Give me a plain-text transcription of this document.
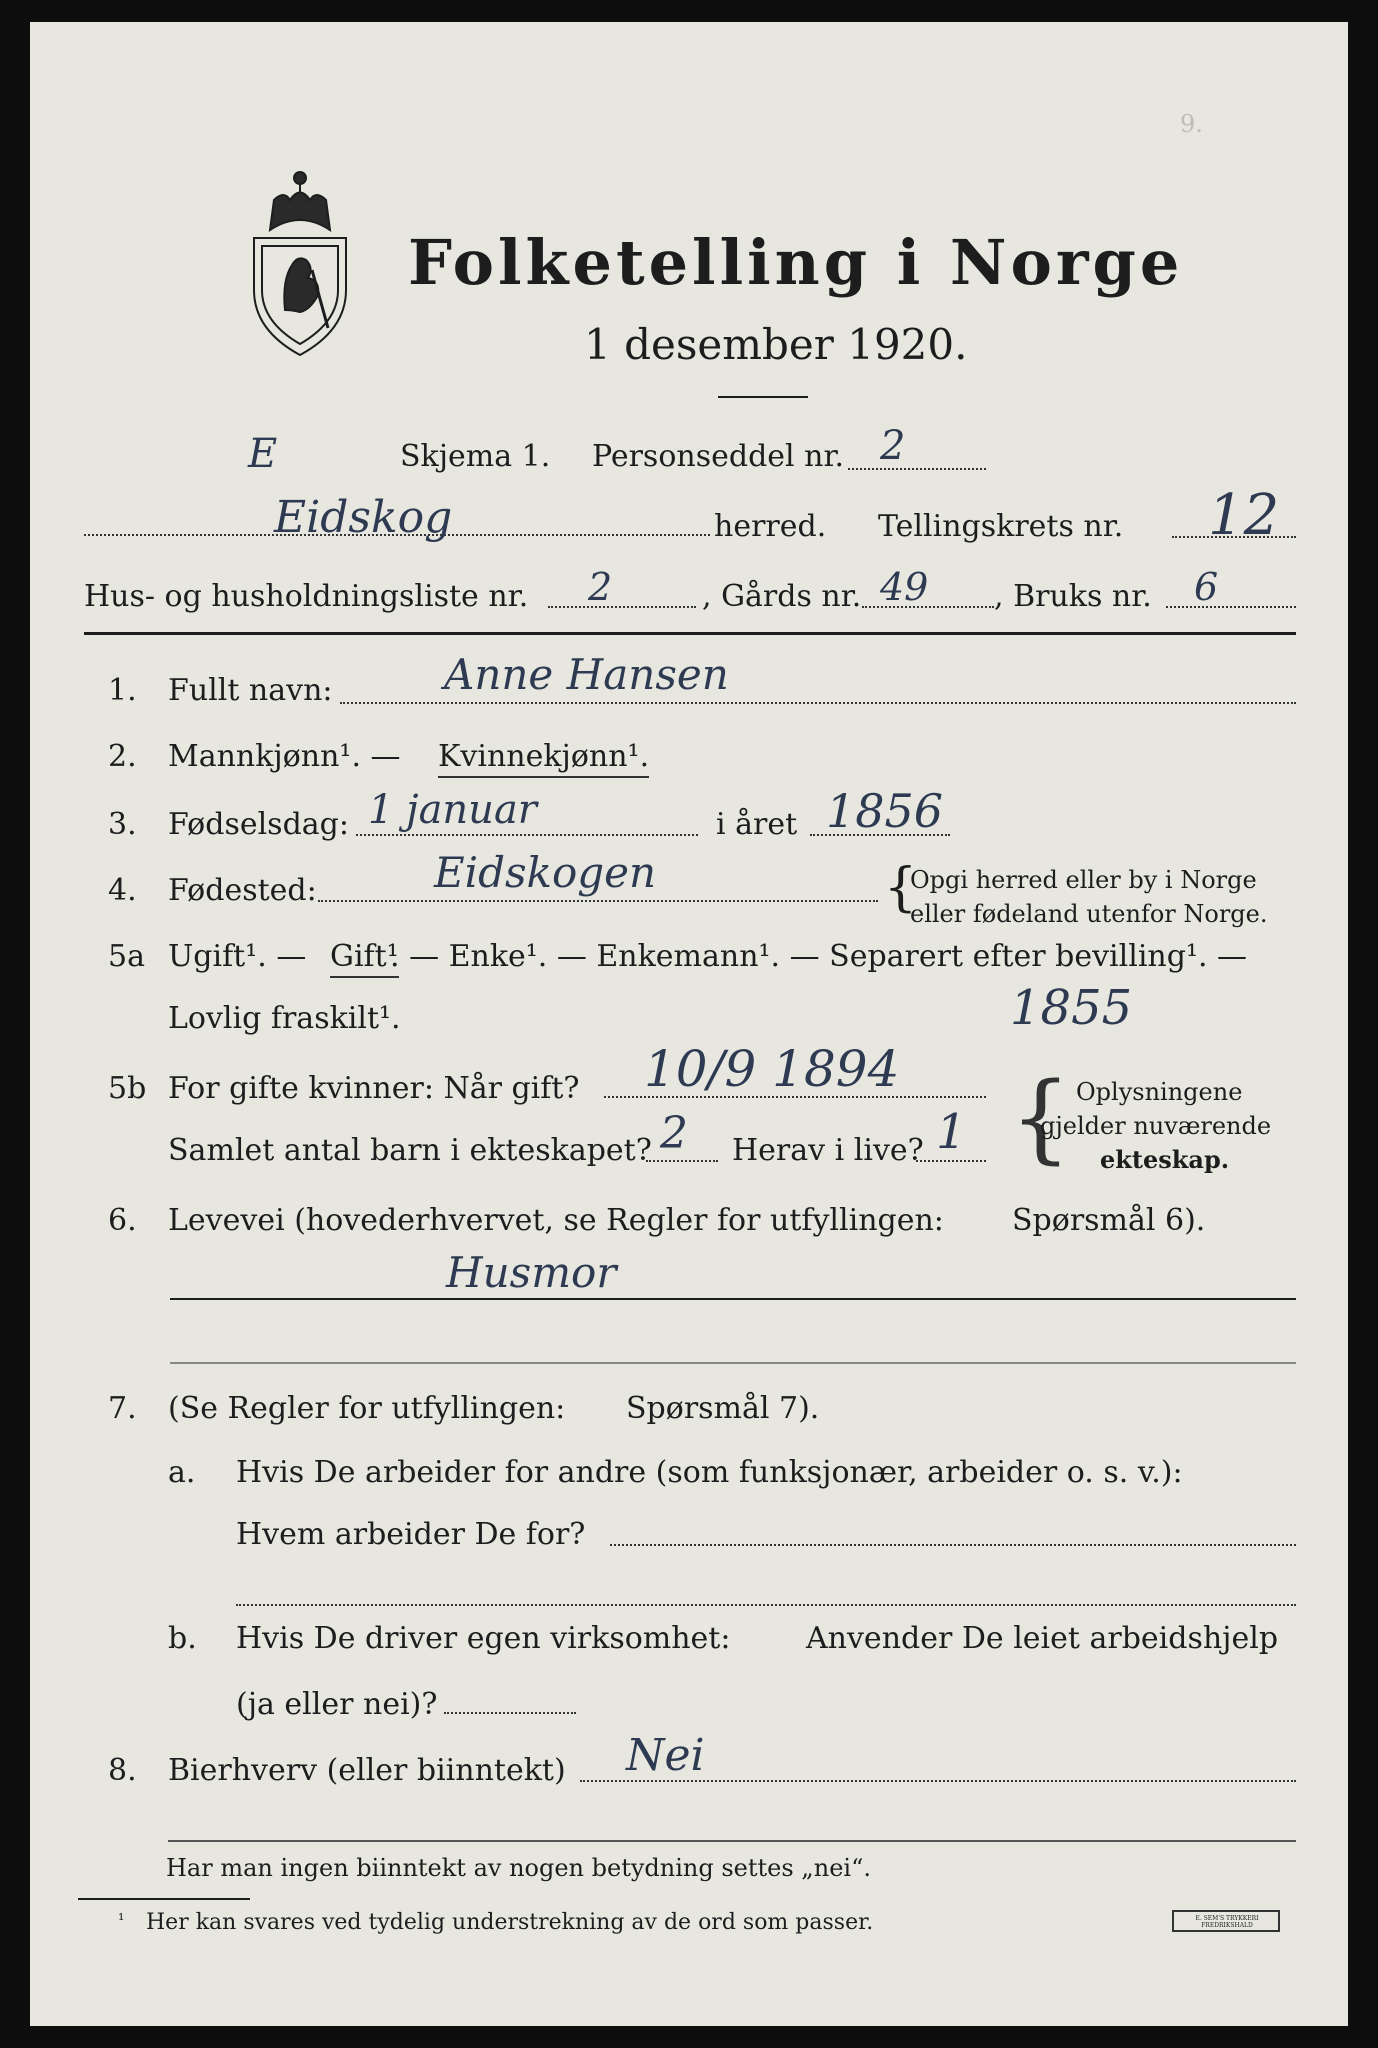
Folketelling i Norge
1 desember 1920.
9.
E	Skjema 1. Personseddel nr. 2
Eidskog	herred. Tellingskrets nr. 12
Hus- og husholdningsliste nr. 2	, Gårds nr. 49 , Bruks nr. 6
1. Fullt navn:	Anne Hansen
2. Mannkjønn¹. — Kvinnekjønn¹.
3. Fødselsdag: 1 januar	i året 1856
4. Fødested:	Eidskogen	{
Opgi herred eller by i Norge
eller fødeland utenfor Norge.
5a Ugift¹. — Gift¹
. — Enke¹. — Enkemann¹. — Separert efter bevilling¹. —
Lovlig fraskilt¹.	1855
5b For gifte kvinner: Når gift? 10/9 1894
Samlet antal barn i ekteskapet? 2 Herav i live? 1 { Oplysningene
gjelder nuværende
ekteskap.
6. Levevei (hovederhvervet, se Regler for utfyllingen: Spørsmål 6).
Husmor
7. (Se Regler for utfyllingen: Spørsmål 7).
a. Hvis De arbeider for andre (som funksjonær, arbeider o. s. v.):
Hvem arbeider De for?
b. Hvis De driver egen virksomhet:	Anvender De leiet arbeidshjelp
(ja eller nei)?
8. Bierhverv (eller biinntekt) Nei
Har man ingen biinntekt av nogen betydning settes „nei“.
¹ Her kan svares ved tydelig understrekning av de ord som passer.	E. SEM'S TRYKKERI FREDRIKSHALD
